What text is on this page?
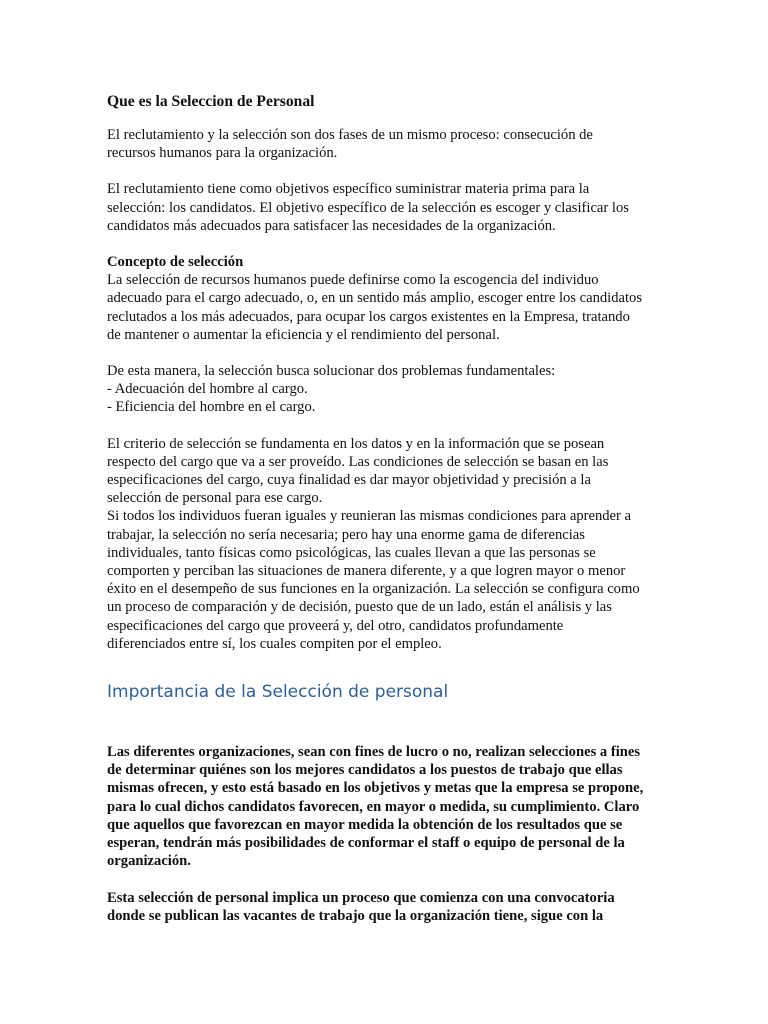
Que es la Seleccion de Personal

El reclutamiento y la selección son dos fases de un mismo proceso: consecución de
recursos humanos para la organización.

El reclutamiento tiene como objetivos específico suministrar materia prima para la
selección: los candidatos. El objetivo específico de la selección es escoger y clasificar los
candidatos más adecuados para satisfacer las necesidades de la organización.

Concepto de selección
La selección de recursos humanos puede definirse como la escogencia del individuo
adecuado para el cargo adecuado, o, en un sentido más amplio, escoger entre los candidatos
reclutados a los más adecuados, para ocupar los cargos existentes en la Empresa, tratando
de mantener o aumentar la eficiencia y el rendimiento del personal.

De esta manera, la selección busca solucionar dos problemas fundamentales:
- Adecuación del hombre al cargo.
- Eficiencia del hombre en el cargo.

El criterio de selección se fundamenta en los datos y en la información que se posean
respecto del cargo que va a ser proveído. Las condiciones de selección se basan en las
especificaciones del cargo, cuya finalidad es dar mayor objetividad y precisión a la
selección de personal para ese cargo.
Si todos los individuos fueran iguales y reunieran las mismas condiciones para aprender a
trabajar, la selección no sería necesaria; pero hay una enorme gama de diferencias
individuales, tanto físicas como psicológicas, las cuales llevan a que las personas se
comporten y perciban las situaciones de manera diferente, y a que logren mayor o menor
éxito en el desempeño de sus funciones en la organización. La selección se configura como
un proceso de comparación y de decisión, puesto que de un lado, están el análisis y las
especificaciones del cargo que proveerá y, del otro, candidatos profundamente
diferenciados entre sí, los cuales compiten por el empleo.

Importancia de la Selección de personal

Las diferentes organizaciones, sean con fines de lucro o no, realizan selecciones a fines
de determinar quiénes son los mejores candidatos a los puestos de trabajo que ellas
mismas ofrecen, y esto está basado en los objetivos y metas que la empresa se propone,
para lo cual dichos candidatos favorecen, en mayor o medida, su cumplimiento. Claro
que aquellos que favorezcan en mayor medida la obtención de los resultados que se
esperan, tendrán más posibilidades de conformar el staff o equipo de personal de la
organización.

Esta selección de personal implica un proceso que comienza con una convocatoria
donde se publican las vacantes de trabajo que la organización tiene, sigue con la
